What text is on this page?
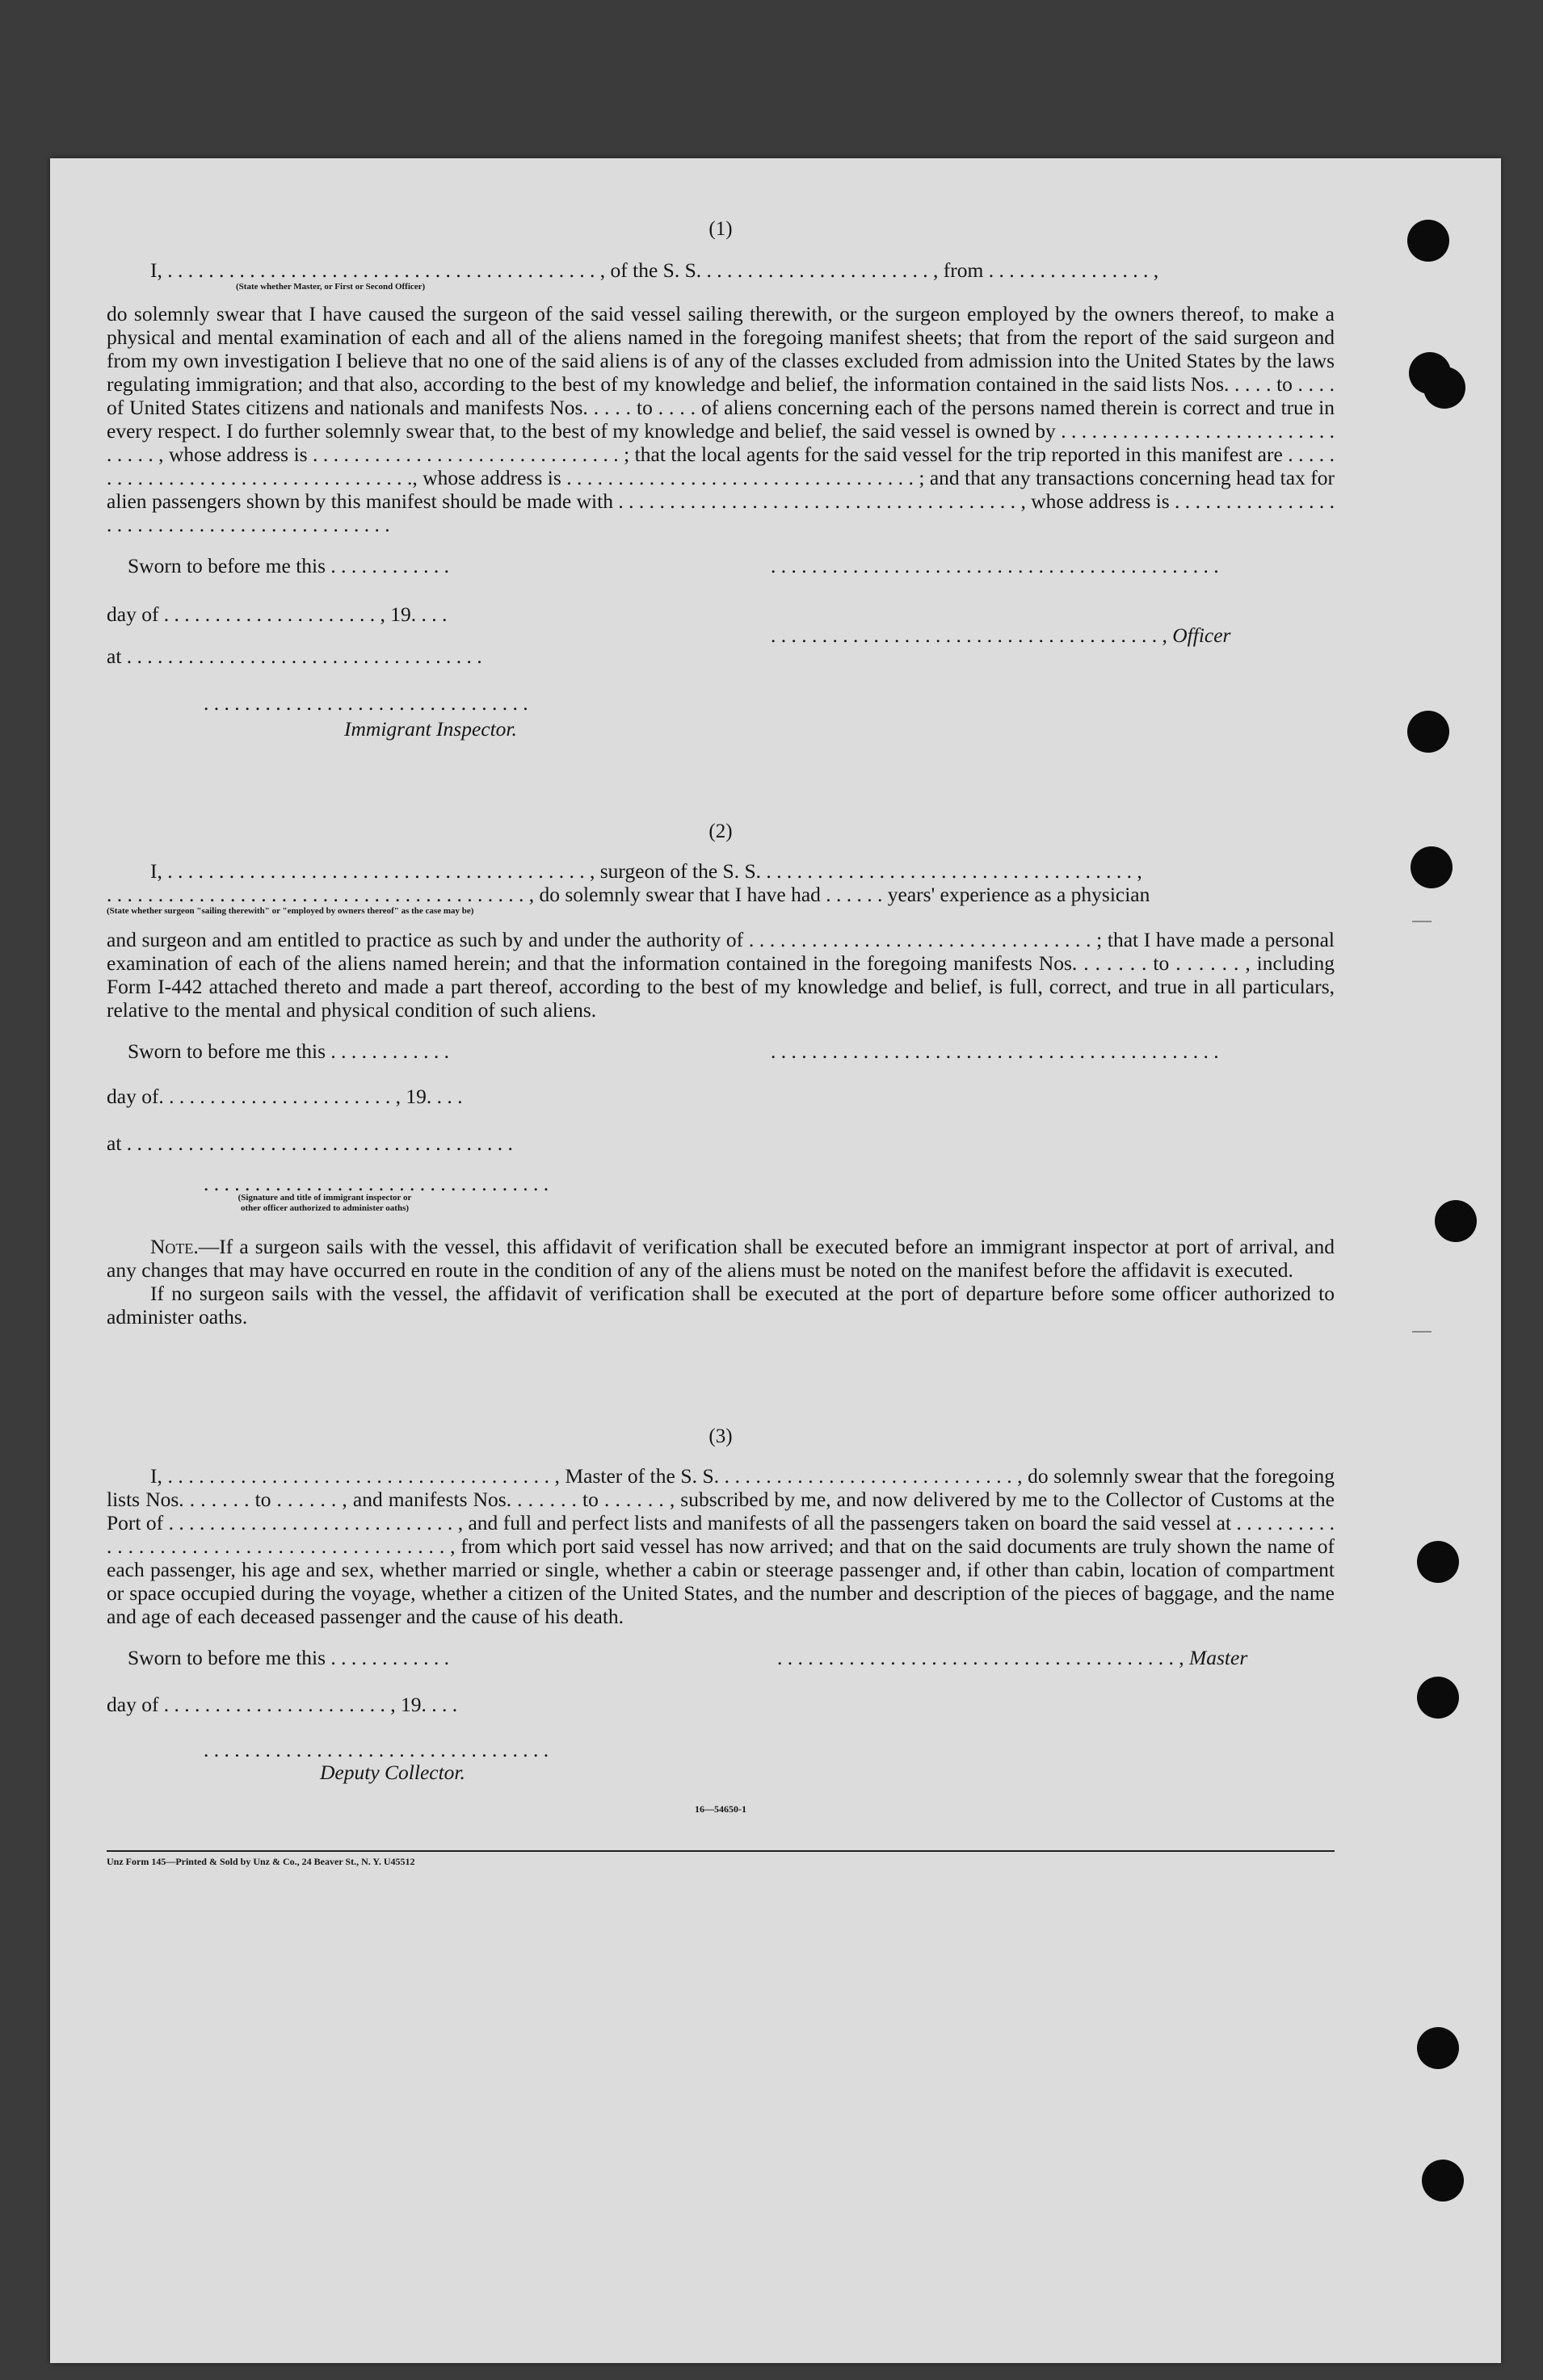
(1)

I, . . . . . . . . . . . . . . . . . . . . . . . . . . . . . . . . . . . . . . . . . . , of the S. S. . . . . . . . . . . . . . . . . . . . . . . , from . . . . . . . . . . . . . . . . ,

(State whether Master, or First or Second Officer)

do solemnly swear that I have caused the surgeon of the said vessel sailing therewith, or the surgeon employed by the owners thereof, to make a physical and mental examination of each and all of the aliens named in the foregoing manifest sheets; that from the report of the said surgeon and from my own investigation I believe that no one of the said aliens is of any of the classes excluded from admission into the United States by the laws regulating immigration; and that also, according to the best of my knowledge and belief, the information contained in the said lists Nos. . . . . to . . . . of United States citizens and nationals and manifests Nos. . . . . to . . . . of aliens concerning each of the persons named therein is correct and true in every respect. I do further solemnly swear that, to the best of my knowledge and belief, the said vessel is owned by . . . . . . . . . . . . . . . . . . . . . . . . . . . . . . . . , whose address is . . . . . . . . . . . . . . . . . . . . . . . . . . . . . . ; that the local agents for the said vessel for the trip reported in this manifest are . . . . . . . . . . . . . . . . . . . . . . . . . . . . . . . . . . ., whose address is . . . . . . . . . . . . . . . . . . . . . . . . . . . . . . . . . . ; and that any transactions concerning head tax for alien passengers shown by this manifest should be made with . . . . . . . . . . . . . . . . . . . . . . . . . . . . . . . . . . . . . . . , whose address is . . . . . . . . . . . . . . . . . . . . . . . . . . . . . . . . . . . . . . . . . . . .

Sworn to before me this . . . . . . . . . . . .	. . . . . . . . . . . . . . . . . . . . . . . . . . . . . . . . . . . . . . . . . . . .
day of . . . . . . . . . . . . . . . . . . . . . , 19. . . .
. . . . . . . . . . . . . . . . . . . . . . . . . . . . . . . . . . . . . . , Officer
at . . . . . . . . . . . . . . . . . . . . . . . . . . . . . . . . . . .
. . . . . . . . . . . . . . . . . . . . . . . . . . . . . . . .
Immigrant Inspector.
(2)

I, . . . . . . . . . . . . . . . . . . . . . . . . . . . . . . . . . . . . . . . . . , surgeon of the S. S. . . . . . . . . . . . . . . . . . . . . . . . . . . . . . . . . . . . . ,

. . . . . . . . . . . . . . . . . . . . . . . . . . . . . . . . . . . . . . . . . , do solemnly swear that I have had . . . . . . years' experience as a physician

(State whether surgeon "sailing therewith" or "employed by owners thereof" as the case may be)

and surgeon and am entitled to practice as such by and under the authority of . . . . . . . . . . . . . . . . . . . . . . . . . . . . . . . . . ; that I have made a personal examination of each of the aliens named herein; and that the information contained in the foregoing manifests Nos. . . . . . . to . . . . . . , including Form I-442 attached thereto and made a part thereof, according to the best of my knowledge and belief, is full, correct, and true in all particulars, relative to the mental and physical condition of such aliens.

Sworn to before me this . . . . . . . . . . . .	. . . . . . . . . . . . . . . . . . . . . . . . . . . . . . . . . . . . . . . . . . . .
day of. . . . . . . . . . . . . . . . . . . . . . . , 19. . . .
at . . . . . . . . . . . . . . . . . . . . . . . . . . . . . . . . . . . . . .
. . . . . . . . . . . . . . . . . . . . . . . . . . . . . . . . . .
(Signature and title of immigrant inspector or other officer authorized to administer oaths)

Note.—If a surgeon sails with the vessel, this affidavit of verification shall be executed before an immigrant inspector at port of arrival, and any changes that may have occurred en route in the condition of any of the aliens must be noted on the manifest before the affidavit is executed.

If no surgeon sails with the vessel, the affidavit of verification shall be executed at the port of departure before some officer authorized to administer oaths.

(3)

I, . . . . . . . . . . . . . . . . . . . . . . . . . . . . . . . . . . . . . , Master of the S. S. . . . . . . . . . . . . . . . . . . . . . . . . . . . . , do solemnly swear that the foregoing lists Nos. . . . . . . to . . . . . . , and manifests Nos. . . . . . . to . . . . . . , subscribed by me, and now delivered by me to the Collector of Customs at the Port of . . . . . . . . . . . . . . . . . . . . . . . . . . . . , and full and perfect lists and manifests of all the passengers taken on board the said vessel at . . . . . . . . . . . . . . . . . . . . . . . . . . . . . . . . . . . . . . . . . . , from which port said vessel has now arrived; and that on the said documents are truly shown the name of each passenger, his age and sex, whether married or single, whether a cabin or steerage passenger and, if other than cabin, location of compartment or space occupied during the voyage, whether a citizen of the United States, and the number and description of the pieces of baggage, and the name and age of each deceased passenger and the cause of his death.

Sworn to before me this . . . . . . . . . . . .	. . . . . . . . . . . . . . . . . . . . . . . . . . . . . . . . . . . . . . . , Master
day of . . . . . . . . . . . . . . . . . . . . . . , 19. . . .
. . . . . . . . . . . . . . . . . . . . . . . . . . . . . . . . . .
Deputy Collector.
16—54650-1
Unz Form 145—Printed & Sold by Unz & Co., 24 Beaver St., N. Y. U45512
